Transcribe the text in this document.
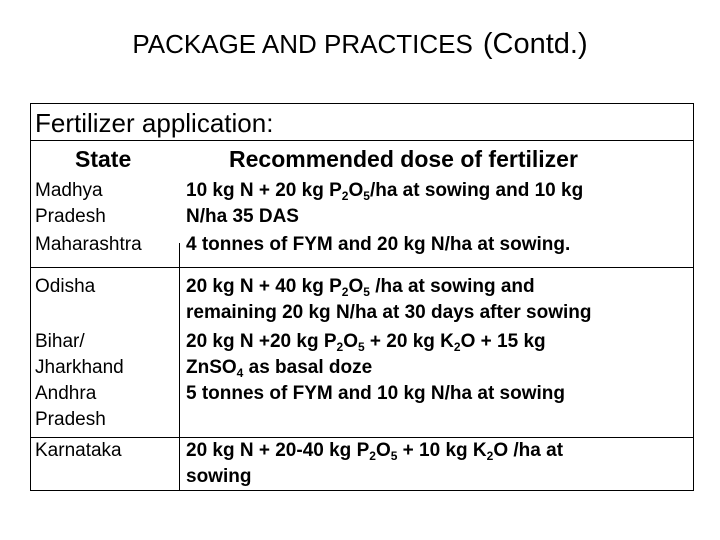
PACKAGE AND PRACTICES (Contd.)
Fertilizer application:
State	Recommended dose of fertilizer
Madhya
Pradesh
Maharashtra
Odisha
Bihar/
Jharkhand
Andhra
Pradesh
Karnataka
10 kg N + 20 kg $P_2O_5/ha$ at sowing and 10 kg
N/ha 35 DAS
4 tonnes of FYM and 20 kg N/ha at sowing.
20 kg N + 40 kg $P_2O_5$ /ha at sowing and
remaining 20 kg N/ha at 30 days after sowing
20 kg N +20 kg $P_2O_5 + 20$ kg $K_2O + 15$ kg
ZnSO$_4$ as basal doze
5 tonnes of FYM and 10 kg N/ha at sowing
20 kg N + 20-40 kg $P_2O_5 + 10$ kg $K_2O$ /ha at
sowing
